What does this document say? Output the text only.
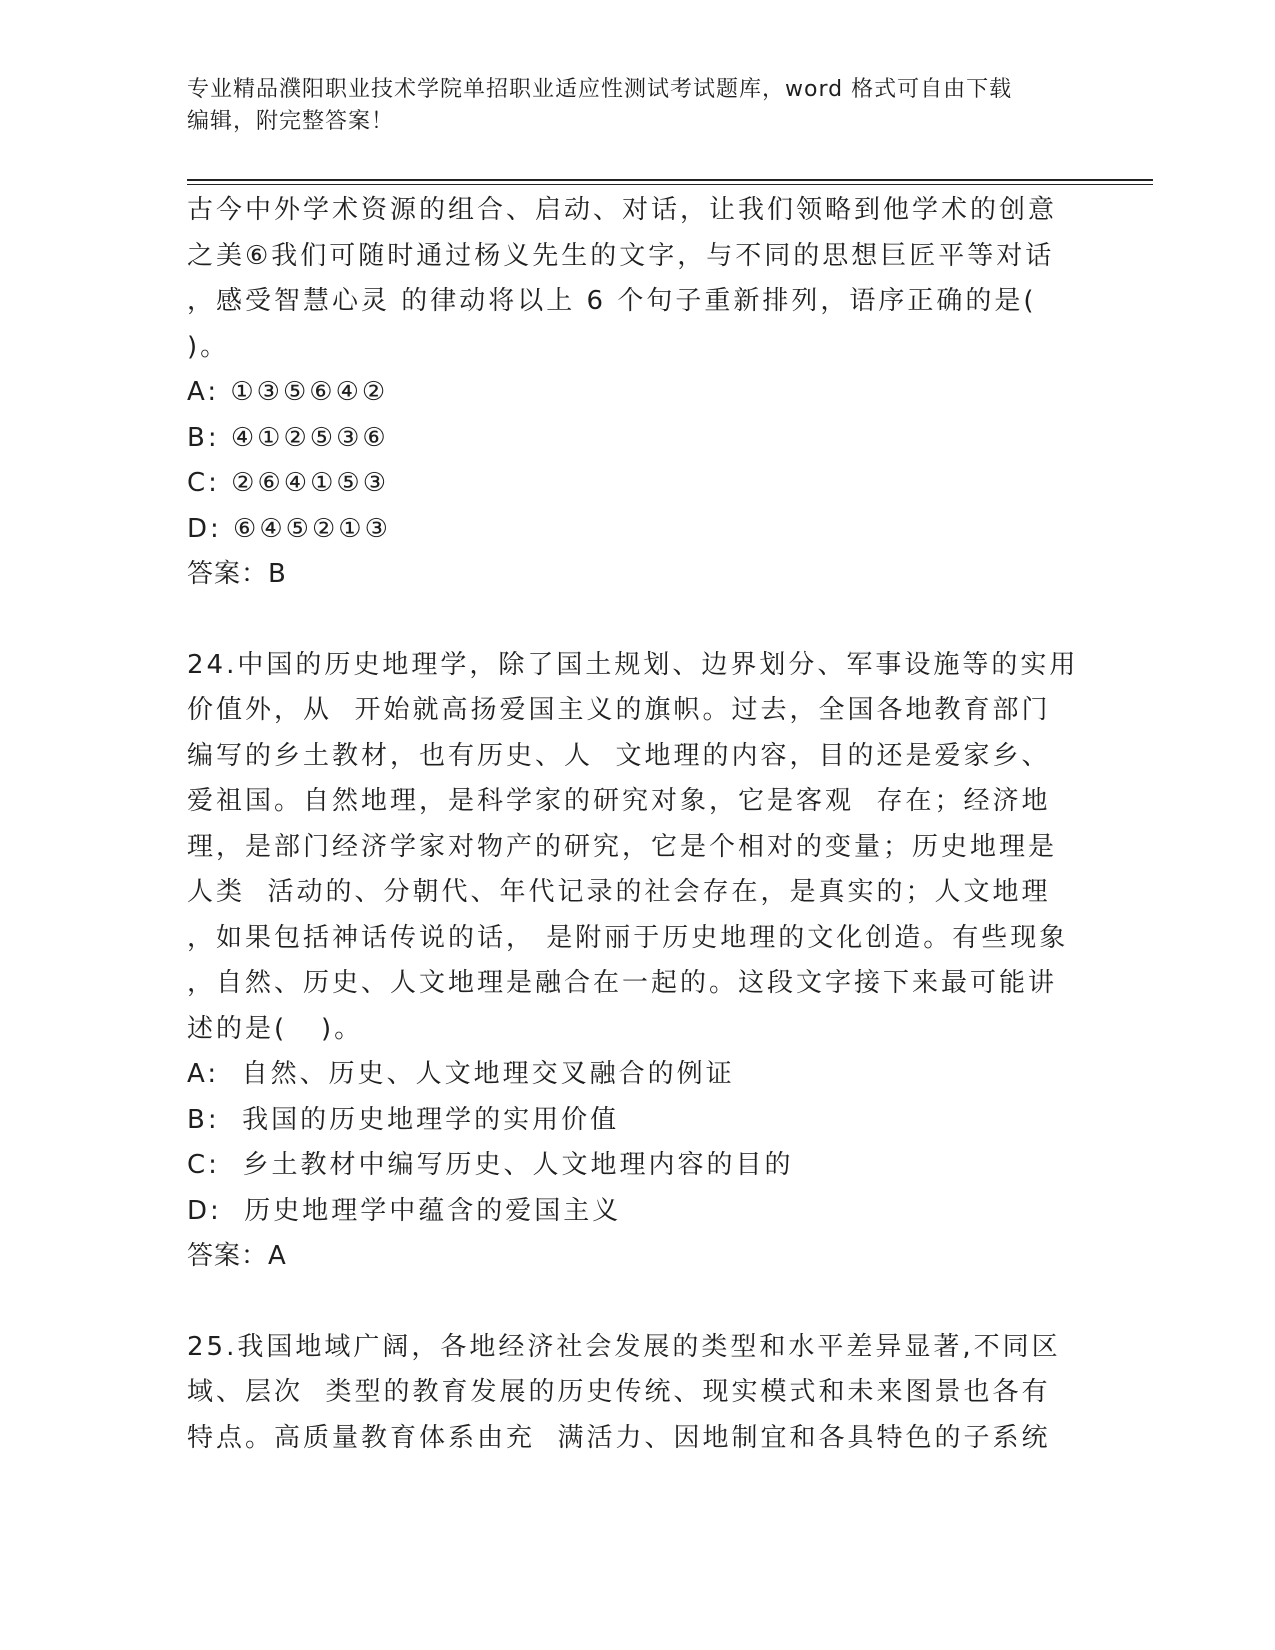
专业精品濮阳职业技术学院单招职业适应性测试考试题库，word 格式可自由下载
编辑，附完整答案！
古今中外学术资源的组合、启动、对话，让我们领略到他学术的创意
之美⑥我们可随时通过杨义先生的文字，与不同的思想巨匠平等对话
，感受智慧心灵 的律动将以上 6 个句子重新排列，语序正确的是(
)。
A: ①③⑤⑥④②
B: ④①②⑤③⑥
C: ②⑥④①⑤③
D: ⑥④⑤②①③
答案：B
24.中国的历史地理学，除了国土规划、边界划分、军事设施等的实用
价值外，从  开始就高扬爱国主义的旗帜。过去，全国各地教育部门
编写的乡土教材，也有历史、人  文地理的内容，目的还是爱家乡、
爱祖国。自然地理，是科学家的研究对象，它是客观  存在；经济地
理，是部门经济学家对物产的研究，它是个相对的变量；历史地理是
人类  活动的、分朝代、年代记录的社会存在，是真实的；人文地理
，如果包括神话传说的话， 是附丽于历史地理的文化创造。有些现象
，自然、历史、人文地理是融合在一起的。这段文字接下来最可能讲
述的是(   )。
A:  自然、历史、人文地理交叉融合的例证
B:  我国的历史地理学的实用价值
C:  乡土教材中编写历史、人文地理内容的目的
D:  历史地理学中蕴含的爱国主义
答案：A
25.我国地域广阔，各地经济社会发展的类型和水平差异显著,不同区
域、层次  类型的教育发展的历史传统、现实模式和未来图景也各有
特点。高质量教育体系由充  满活力、因地制宜和各具特色的子系统
